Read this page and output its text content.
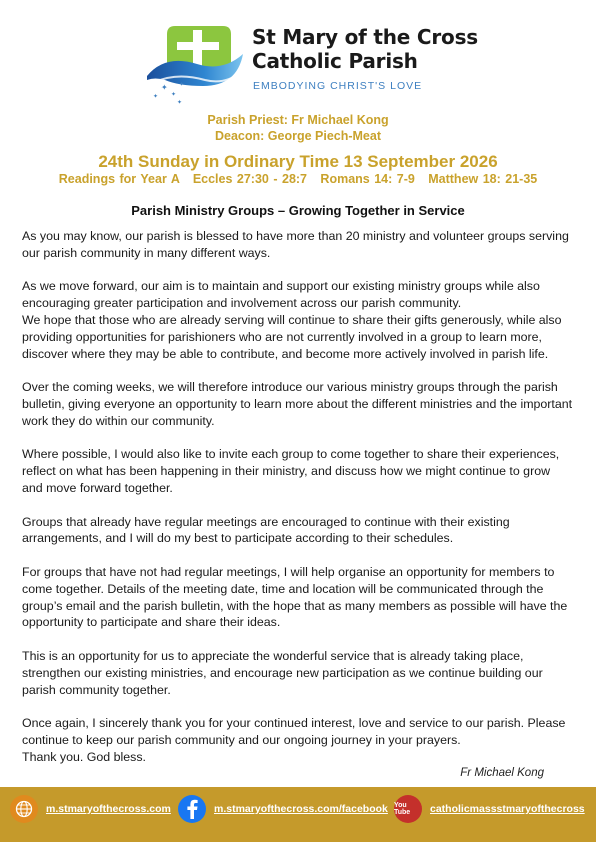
✦
✦
✦
✦
✦
St Mary of the Cross
Catholic Parish
EMBODYING CHRIST'S LOVE
Parish Priest: Fr Michael Kong
Deacon: George Piech-Meat
24th Sunday in Ordinary Time 13 September 2026
Readings for Year A   Eccles 27:30 - 28:7   Romans 14: 7-9   Matthew 18: 21-35
Parish Ministry Groups – Growing Together in Service

As you may know, our parish is blessed to have more than 20 ministry and volunteer groups serving our parish community in many different ways.

As we move forward, our aim is to maintain and support our existing ministry groups while also encouraging greater participation and involvement across our parish community.

We hope that those who are already serving will continue to share their gifts generously, while also providing opportunities for parishioners who are not currently involved in a group to learn more, discover where they may be able to contribute, and become more actively involved in parish life.

Over the coming weeks, we will therefore introduce our various ministry groups through the parish bulletin, giving everyone an opportunity to learn more about the different ministries and the important work they do within our community.

Where possible, I would also like to invite each group to come together to share their experiences, reflect on what has been happening in their ministry, and discuss how we might continue to grow and move forward together.

Groups that already have regular meetings are encouraged to continue with their existing arrangements, and I will do my best to participate according to their schedules.

For groups that have not had regular meetings, I will help organise an opportunity for members to come together. Details of the meeting date, time and location will be communicated through the group’s email and the parish bulletin, with the hope that as many members as possible will have the opportunity to participate and share their ideas.

This is an opportunity for us to appreciate the wonderful service that is already taking place, strengthen our existing ministries, and encourage new participation as we continue building our parish community together.

Once again, I sincerely thank you for your continued interest, love and service to our parish. Please continue to keep our parish community and our ongoing journey in your prayers.

Thank you. God bless.

Fr Michael Kong
m.stmaryofthecross.com	m.stmaryofthecross.com/facebook You Tube	catholicmassstmaryofthecross
